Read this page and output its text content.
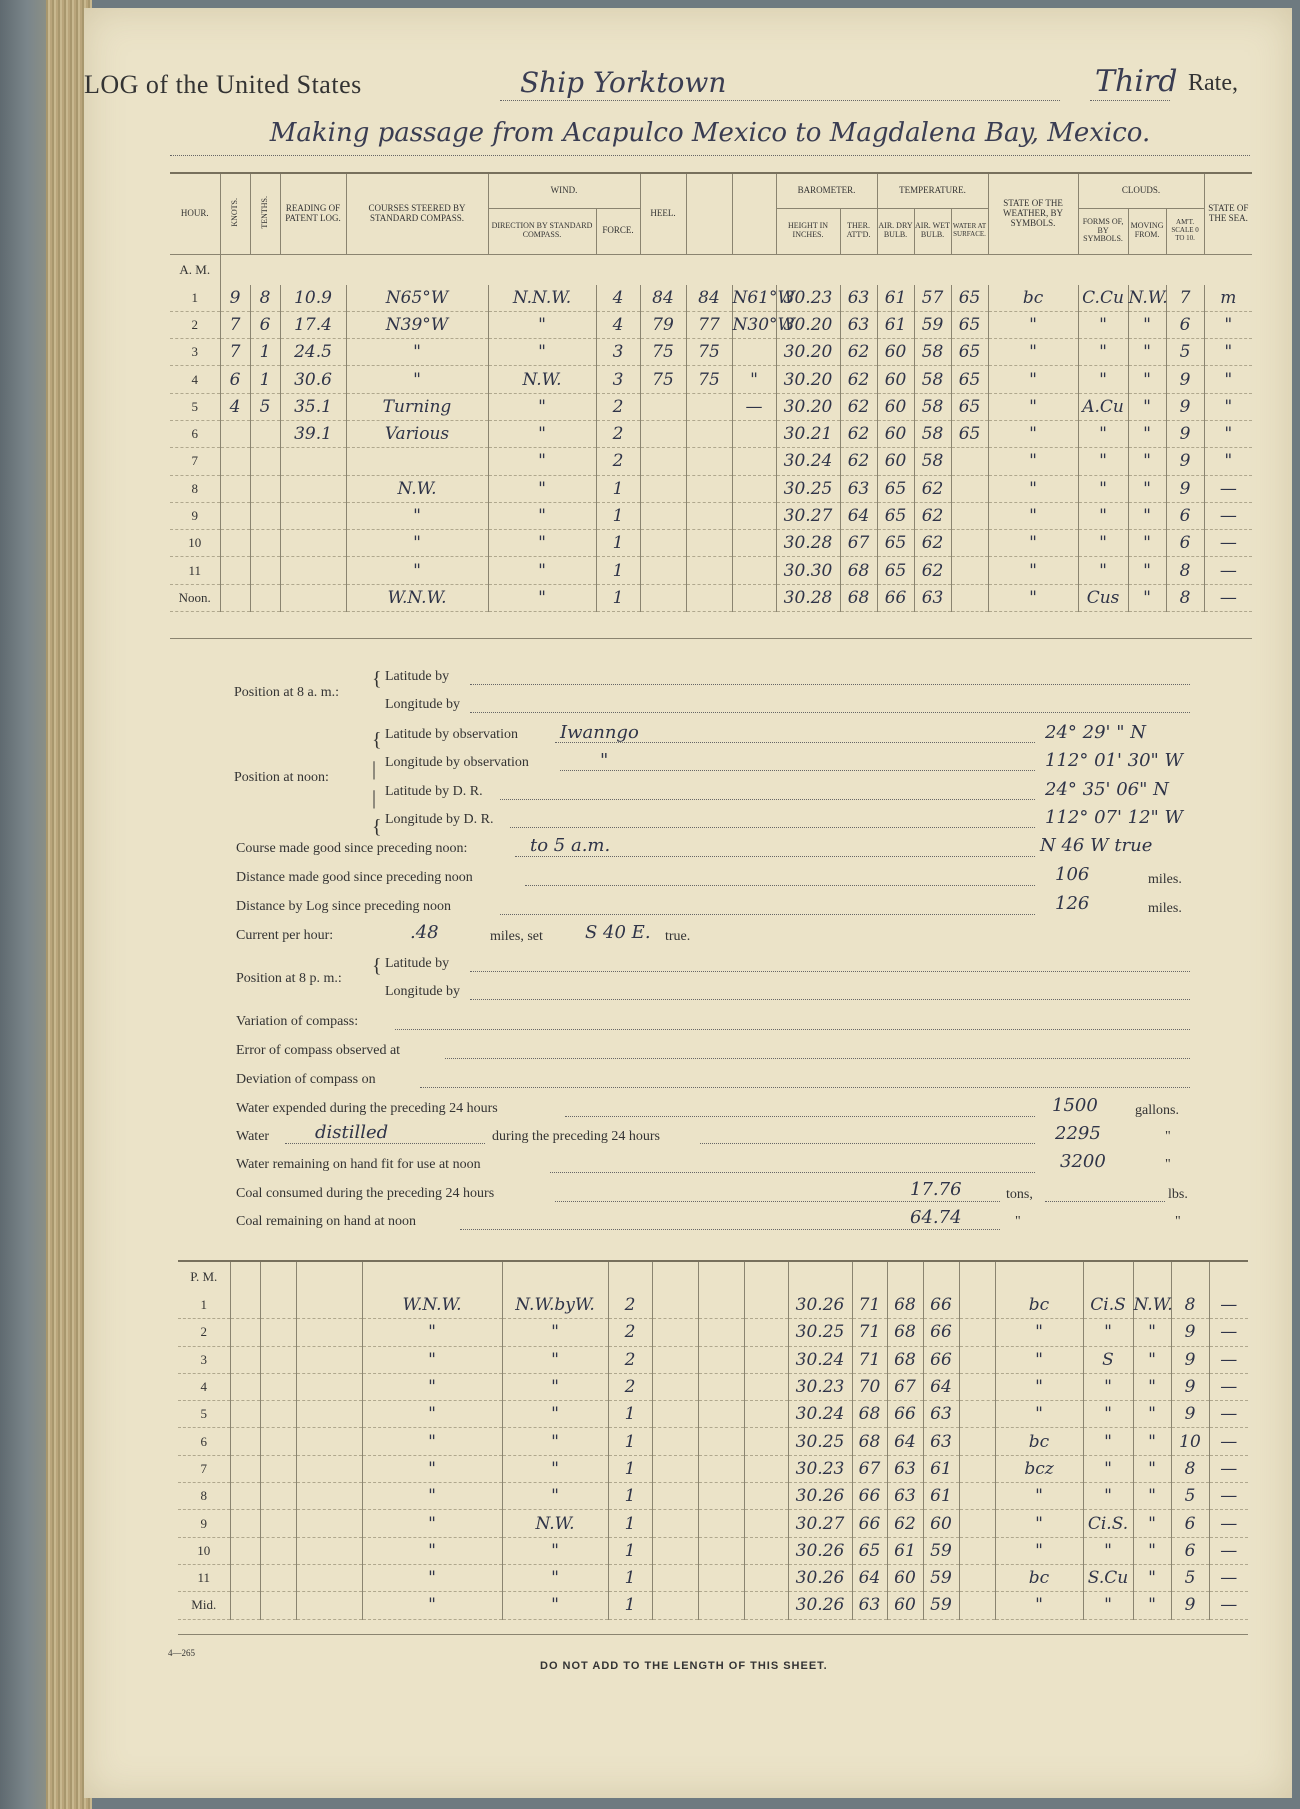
LOG of the United States	Ship Yorktown	Third Rate,
Making passage from Acapulco Mexico to Magdalena Bay, Mexico.
HOUR.	KNOTS.	TENTHS.	READING OF PATENT LOG.	COURSES STEERED BY STANDARD COMPASS.	WIND.		HEEL.			BAROMETER.		TEMPERATURE.			STATE OF THE WEATHER, BY SYMBOLS.	CLOUDS.			STATE OF THE SEA.
					DIRECTION BY STANDARD COMPASS.	FORCE.				HEIGHT IN INCHES.	THER. ATT'D.	AIR. DRY BULB.	AIR. WET BULB.	WATER AT SURFACE.		FORMS OF, BY SYMBOLS.	MOVING FROM.	AM'T. SCALE 0 TO 10.	
A. M.																			
1	9	8	10.9	N65°W	N.N.W.	4	84	84	N61°W	30.23	63	61	57	65	bc	C.Cu	N.W.	7	m
2	7	6	17.4	N39°W	"	4	79	77	N30°W	30.20	63	61	59	65	"	"	"	6	"
3	7	1	24.5	"	"	3	75	75		30.20	62	60	58	65	"	"	"	5	"
4	6	1	30.6	"	N.W.	3	75	75	"	30.20	62	60	58	65	"	"	"	9	"
5	4	5	35.1	Turning	"	2			—	30.20	62	60	58	65	"	A.Cu	"	9	"
6			39.1	Various	"	2				30.21	62	60	58	65	"	"	"	9	"
7					"	2				30.24	62	60	58		"	"	"	9	"
8				N.W.	"	1				30.25	63	65	62		"	"	"	9	—
9				"	"	1				30.27	64	65	62		"	"	"	6	—
10				"	"	1				30.28	67	65	62		"	"	"	6	—
11				"	"	1				30.30	68	65	62		"	"	"	8	—
Noon.				W.N.W.	"	1				30.28	68	66	63		"	Cus	"	8	—

Position at 8 a. m.:
{ Latitude by
Longitude by
Position at noon:
{
|
|
{
Latitude by observation Iwanngo	24° 29' " N
Longitude by observation	"	112° 01' 30" W
Latitude by D. R.	24° 35' 06" N
Longitude by D. R.	112° 07' 12" W
Course made good since preceding noon:	to 5 a.m.	N 46 W true
Distance made good since preceding noon	106	miles.
Distance by Log since preceding noon	126	miles.
Current per hour:	.48	miles, set S 40 E. true.
Position at 8 p. m.:
{ Latitude by
Longitude by
Variation of compass:
Error of compass observed at
Deviation of compass on
Water expended during the preceding 24 hours	1500	gallons.
Water	distilled	during the preceding 24 hours	2295	"
Water remaining on hand fit for use at noon	3200	"
Coal consumed during the preceding 24 hours	17.76	tons,	lbs.
Coal remaining on hand at noon	64.74	"	"
P. M.																			
1				W.N.W.	N.W.byW.	2				30.26	71	68	66		bc	Ci.S	N.W.	8	—
2				"	"	2				30.25	71	68	66		"	"	"	9	—
3				"	"	2				30.24	71	68	66		"	S	"	9	—
4				"	"	2				30.23	70	67	64		"	"	"	9	—
5				"	"	1				30.24	68	66	63		"	"	"	9	—
6				"	"	1				30.25	68	64	63		bc	"	"	10	—
7				"	"	1				30.23	67	63	61		bcz	"	"	8	—
8				"	"	1				30.26	66	63	61		"	"	"	5	—
9				"	N.W.	1				30.27	66	62	60		"	Ci.S.	"	6	—
10				"	"	1				30.26	65	61	59		"	"	"	6	—
11				"	"	1				30.26	64	60	59		bc	S.Cu	"	5	—
Mid.				"	"	1				30.26	63	60	59		"	"	"	9	—

4—265
DO NOT ADD TO THE LENGTH OF THIS SHEET.
